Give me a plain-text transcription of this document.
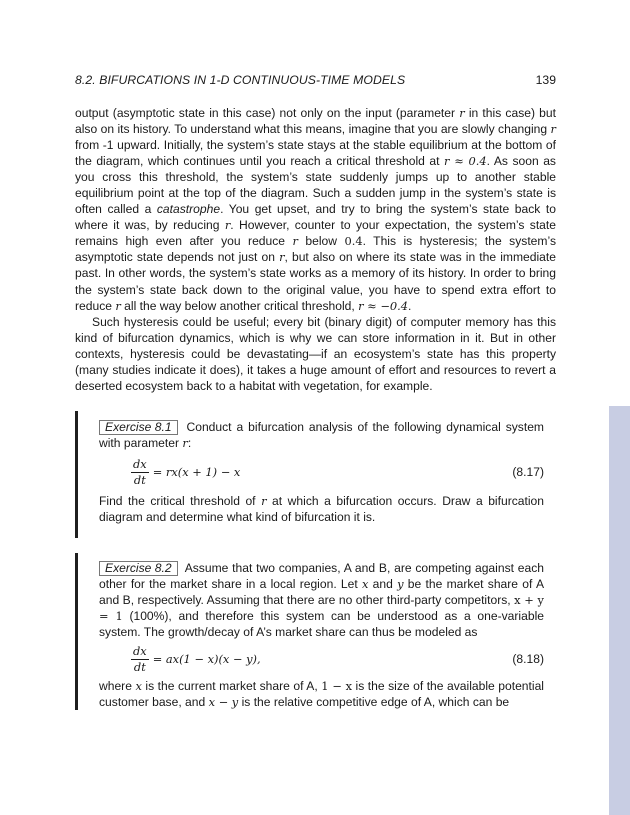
8.2. BIFURCATIONS IN 1-D CONTINUOUS-TIME MODELS	139

output (asymptotic state in this case) not only on the input (parameter r in this case) but also on its history. To understand what this means, imagine that you are slowly changing r from -1 upward. Initially, the system’s state stays at the stable equilibrium at the bottom of the diagram, which continues until you reach a critical threshold at r ≈ 0.4. As soon as you cross this threshold, the system’s state suddenly jumps up to another stable equilibrium point at the top of the diagram. Such a sudden jump in the system’s state is often called a catastrophe. You get upset, and try to bring the system’s state back to where it was, by reducing r. However, counter to your expectation, the system’s state remains high even after you reduce r below 0.4. This is hysteresis; the system’s asymptotic state depends not just on r, but also on where its state was in the immediate past. In other words, the system’s state works as a memory of its history. In order to bring the system’s state back down to the original value, you have to spend extra effort to reduce r all the way below another critical threshold, r ≈ −0.4.

Such hysteresis could be useful; every bit (binary digit) of computer memory has this kind of bifurcation dynamics, which is why we can store information in it. But in other contexts, hysteresis could be devastating—if an ecosystem’s state has this property (many studies indicate it does), it takes a huge amount of effort and resources to revert a deserted ecosystem back to a habitat with vegetation, for example.

Exercise 8.1 Conduct a bifurcation analysis of the following dynamical system with parameter r:

$\frac{dx}{dt} = rx(x + 1) - x$	(8.17)

Find the critical threshold of r at which a bifurcation occurs. Draw a bifurcation diagram and determine what kind of bifurcation it is.

Exercise 8.2 Assume that two companies, A and B, are competing against each other for the market share in a local region. Let x and y be the market share of A and B, respectively. Assuming that there are no other third-party competitors, x + y = 1 (100%), and therefore this system can be understood as a one-variable system. The growth/decay of A’s market share can thus be modeled as

$\frac{dx}{dt} = ax(1 - x)(x - y)$,	(8.18)

where x is the current market share of A, 1 − x is the size of the available potential customer base, and x − y is the relative competitive edge of A, which can be
